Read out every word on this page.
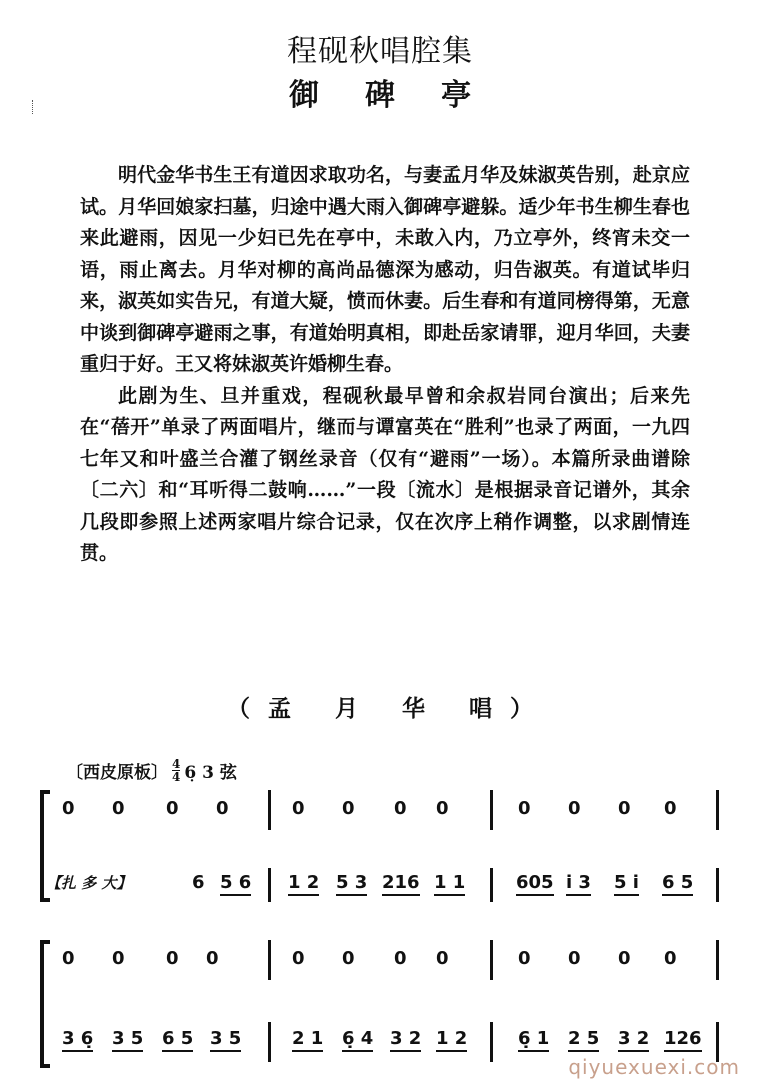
程砚秋唱腔集
御碑亭

明代金华书生王有道因求取功名，与妻孟月华及妹淑英告别，赴京应试。月华回娘家扫墓，归途中遇大雨入御碑亭避躲。适少年书生柳生春也来此避雨，因见一少妇已先在亭中，未敢入内，乃立亭外，终宵未交一语，雨止离去。月华对柳的高尚品德深为感动，归告淑英。有道试毕归来，淑英如实告兄，有道大疑，愤而休妻。后生春和有道同榜得第，无意中谈到御碑亭避雨之事，有道始明真相，即赴岳家请罪，迎月华回，夫妻重归于好。王又将妹淑英许婚柳生春。

此剧为生、旦并重戏，程砚秋最早曾和余叔岩同台演出；后来先在“蓓开”单录了两面唱片，继而与谭富英在“胜利”也录了两面，一九四七年又和叶盛兰合灌了钢丝录音（仅有“避雨”一场）。本篇所录曲谱除〔二六〕和“耳听得二鼓响……”一段〔流水〕是根据录音记谱外，其余几段即参照上述两家唱片综合记录，仅在次序上稍作调整，以求剧情连贯。

（孟 月 华 唱）
〔西皮原板〕 $\frac{4}{4}$ 6̣ 3 弦
0 0 0 0	0 0 0 0	0 0 0 0
【扎 多 大】	6 5 6 1 2 5 3 216 1 1	605 i 3 5 i 6 5
0 0 0 0	0 0 0 0	0 0 0 0
3 6̣ 3 5 6 5 3 5	2 1 6̣ 4 3 2 1 2	6̣ 1 2 5 3 2 126
qiyuexuexi.com
